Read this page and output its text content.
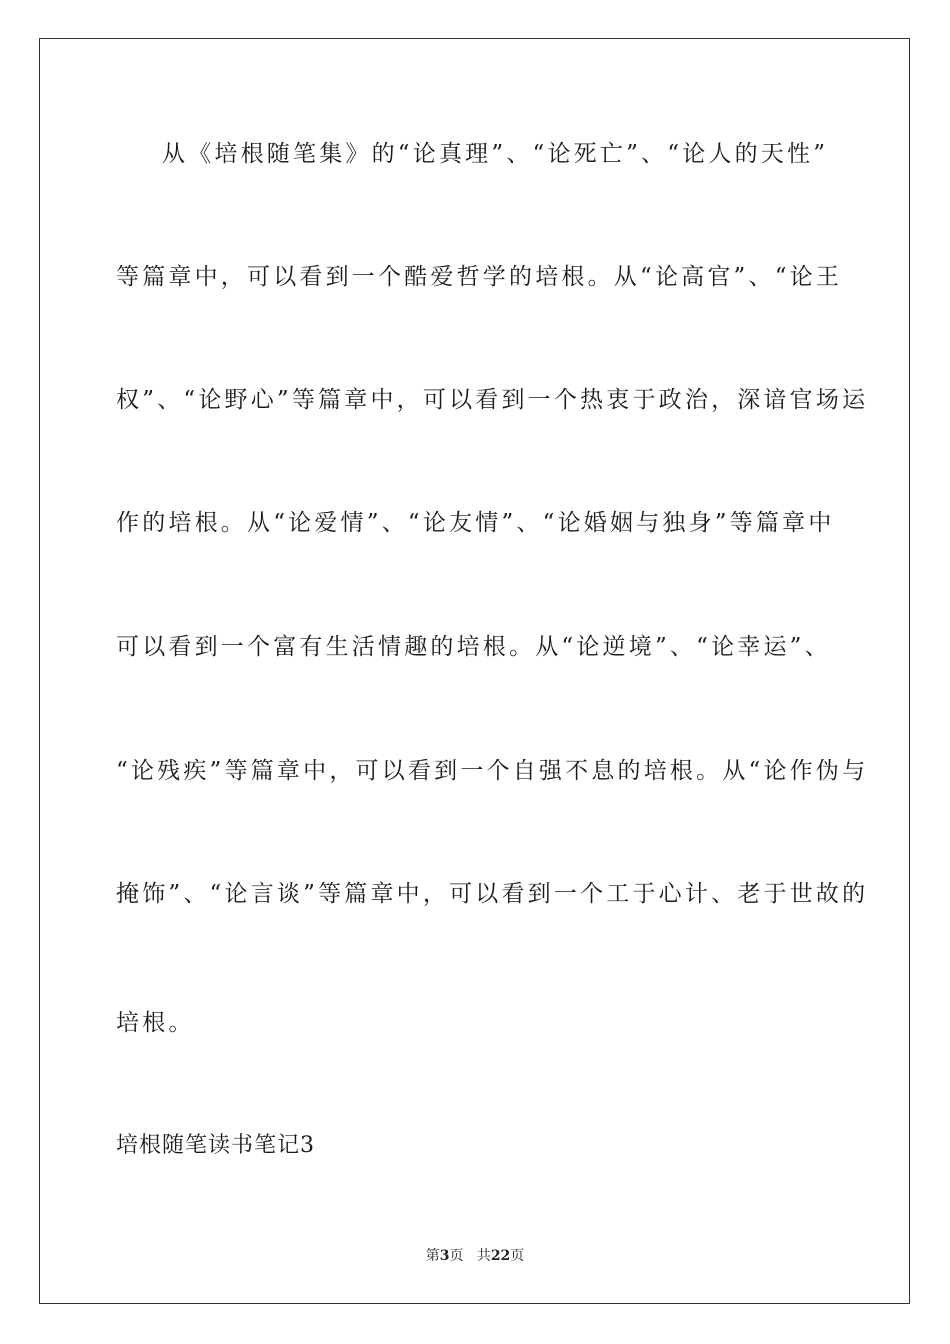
从《培根随笔集》的“论真理”、“论死亡”、“论人的天性”
等篇章中，可以看到一个酷爱哲学的培根。从“论高官”、“论王
权”、“论野心”等篇章中，可以看到一个热衷于政治，深谙官场运
作的培根。从“论爱情”、“论友情”、“论婚姻与独身”等篇章中
可以看到一个富有生活情趣的培根。从“论逆境”、“论幸运”、
“论残疾”等篇章中，可以看到一个自强不息的培根。从“论作伪与
掩饰”、“论言谈”等篇章中，可以看到一个工于心计、老于世故的
培根。
培根随笔读书笔记3
第3页 共22页
